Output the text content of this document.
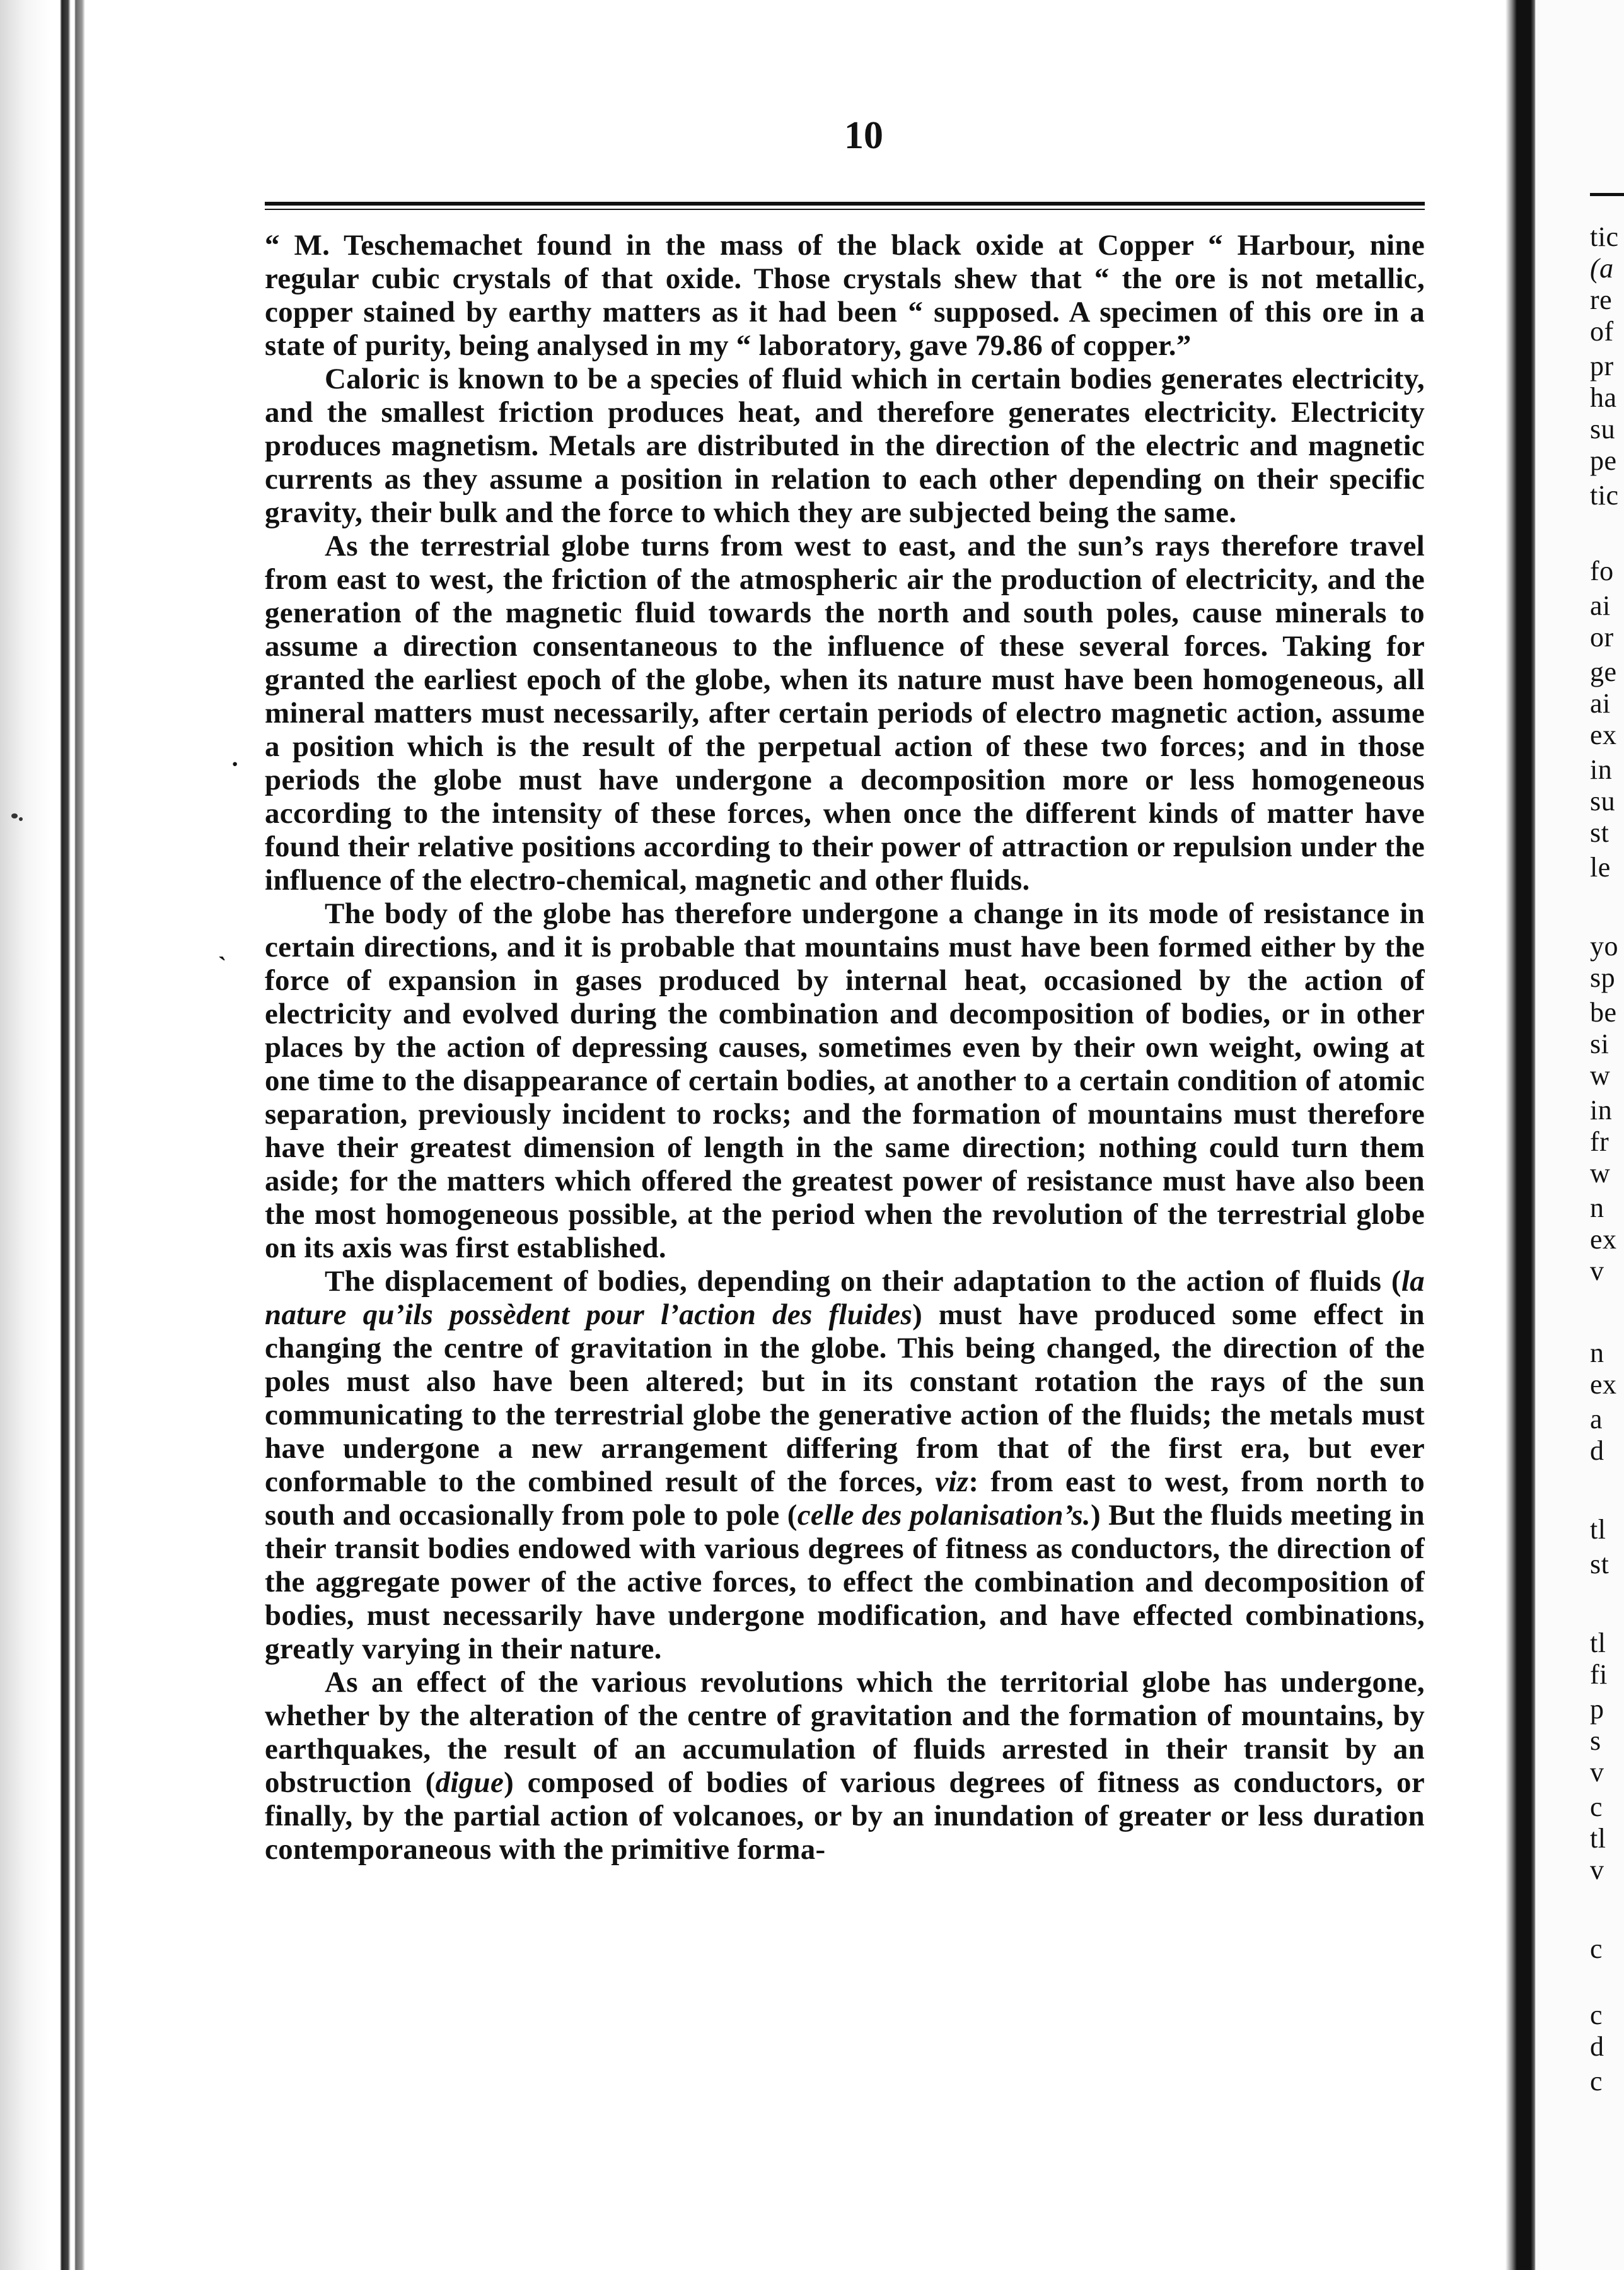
10

“ M. Teschemachet found in the mass of the black oxide at Copper “ Harbour, nine regular cubic crystals of that oxide. Those crystals shew that “ the ore is not metallic, copper stained by earthy matters as it had been “ supposed. A specimen of this ore in a state of purity, being analysed in my “ laboratory, gave 79.86 of copper.”

Caloric is known to be a species of fluid which in certain bodies generates electricity, and the smallest friction produces heat, and therefore generates electricity. Electricity produces magnetism. Metals are distributed in the direction of the electric and magnetic currents as they assume a position in relation to each other depending on their specific gravity, their bulk and the force to which they are subjected being the same.

As the terrestrial globe turns from west to east, and the sun’s rays therefore travel from east to west, the friction of the atmospheric air the production of electricity, and the generation of the magnetic fluid towards the north and south poles, cause minerals to assume a direction consentaneous to the influence of these several forces. Taking for granted the earliest epoch of the globe, when its nature must have been homogeneous, all mineral matters must necessarily, after certain periods of electro magnetic action, assume a position which is the result of the perpetual action of these two forces; and in those periods the globe must have undergone a decomposition more or less homogeneous according to the intensity of these forces, when once the different kinds of matter have found their relative positions according to their power of attraction or repulsion under the influence of the electro-chemical, magnetic and other fluids.

The body of the globe has therefore undergone a change in its mode of resistance in certain directions, and it is probable that mountains must have been formed either by the force of expansion in gases produced by internal heat, occasioned by the action of electricity and evolved during the combination and decomposition of bodies, or in other places by the action of depressing causes, sometimes even by their own weight, owing at one time to the disappearance of certain bodies, at another to a certain condition of atomic separation, previously incident to rocks; and the formation of mountains must therefore have their greatest dimension of length in the same direction; nothing could turn them aside; for the matters which offered the greatest power of resistance must have also been the most homogeneous possible, at the period when the revolution of the terrestrial globe on its axis was first established.

The displacement of bodies, depending on their adaptation to the action of fluids (la nature qu’ils possèdent pour l’action des fluides) must have produced some effect in changing the centre of gravitation in the globe. This being changed, the direction of the poles must also have been altered; but in its constant rotation the rays of the sun communicating to the terrestrial globe the generative action of the fluids; the metals must have undergone a new arrangement differing from that of the first era, but ever conformable to the combined result of the forces, viz: from east to west, from north to south and occasionally from pole to pole (celle des polanisation’s.) But the fluids meeting in their transit bodies endowed with various degrees of fitness as conductors, the direction of the aggregate power of the active forces, to effect the combination and decomposition of bodies, must necessarily have undergone modification, and have effected combinations, greatly varying in their nature.

As an effect of the various revolutions which the territorial globe has undergone, whether by the alteration of the centre of gravitation and the formation of mountains, by earthquakes, the result of an accumulation of fluids arrested in their transit by an obstruction (digue) composed of bodies of various degrees of fitness as conductors, or finally, by the partial action of volcanoes, or by an inundation of greater or less duration contemporaneous with the primitive forma-

·
`
tic
(a
re
of
pr
ha
su
pe
tic
fo
ai
or
ge
ai
ex
in
su
st
le
yo
sp
be
si
w
in
fr
w
n
ex
v
n
ex
a
d
tl
st
tl
fi
p
s
v
c
tl
v
c
c
d
c
